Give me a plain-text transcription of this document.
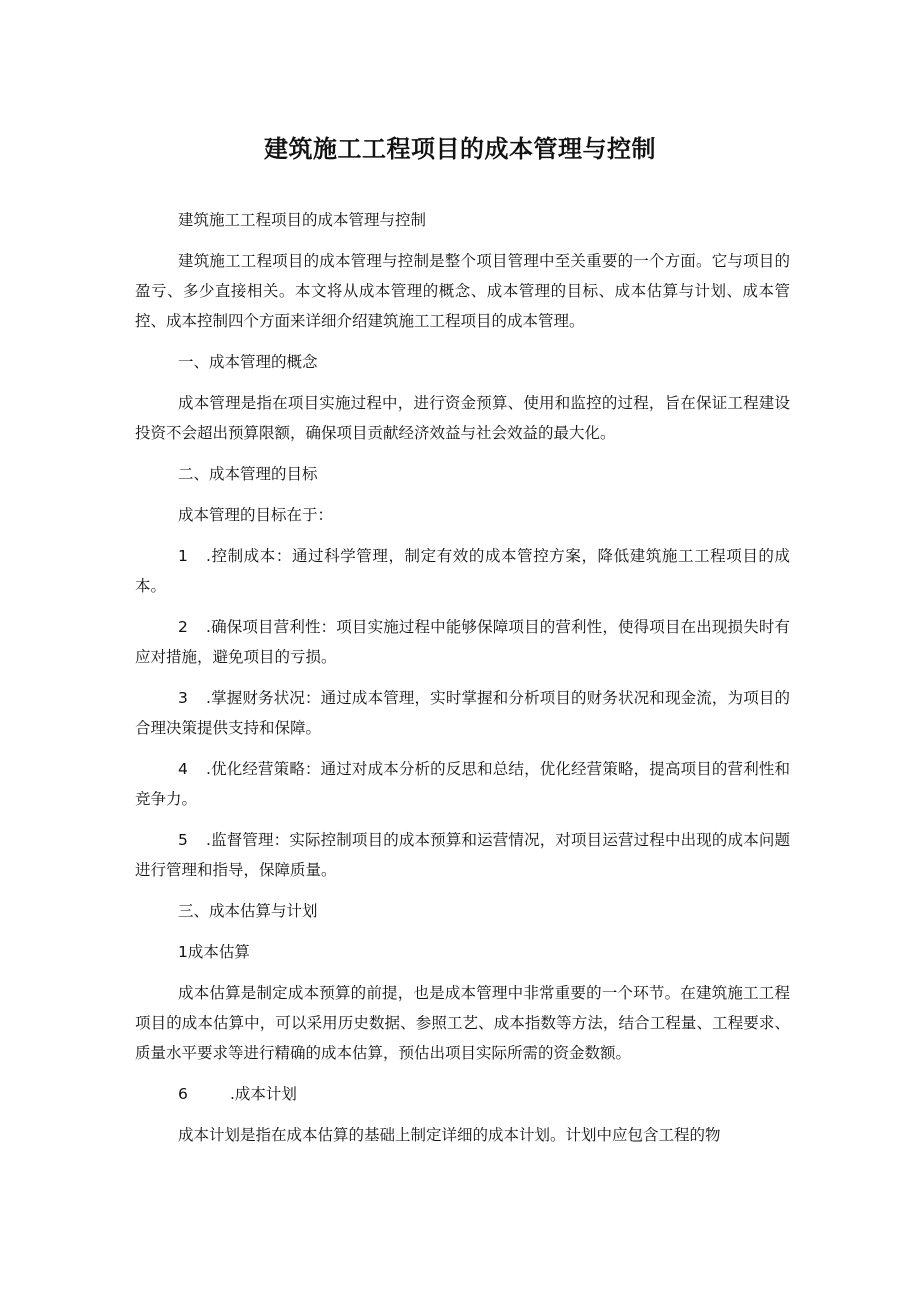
建筑施工工程项目的成本管理与控制

建筑施工工程项目的成本管理与控制

建筑施工工程项目的成本管理与控制是整个项目管理中至关重要的一个方面。它与项目的盈亏、多少直接相关。本文将从成本管理的概念、成本管理的目标、成本估算与计划、成本管控、成本控制四个方面来详细介绍建筑施工工程项目的成本管理。

一、成本管理的概念

成本管理是指在项目实施过程中，进行资金预算、使用和监控的过程，旨在保证工程建设投资不会超出预算限额，确保项目贡献经济效益与社会效益的最大化。

二、成本管理的目标

成本管理的目标在于：

1 .控制成本：通过科学管理，制定有效的成本管控方案，降低建筑施工工程项目的成本。

2 .确保项目营利性：项目实施过程中能够保障项目的营利性，使得项目在出现损失时有应对措施，避免项目的亏损。

3 .掌握财务状况：通过成本管理，实时掌握和分析项目的财务状况和现金流，为项目的合理决策提供支持和保障。

4 .优化经营策略：通过对成本分析的反思和总结，优化经营策略，提高项目的营利性和竞争力。

5 .监督管理：实际控制项目的成本预算和运营情况，对项目运营过程中出现的成本问题进行管理和指导，保障质量。

三、成本估算与计划

1成本估算

成本估算是制定成本预算的前提，也是成本管理中非常重要的一个环节。在建筑施工工程项目的成本估算中，可以采用历史数据、参照工艺、成本指数等方法，结合工程量、工程要求、质量水平要求等进行精确的成本估算，预估出项目实际所需的资金数额。

6	.成本计划

成本计划是指在成本估算的基础上制定详细的成本计划。计划中应包含工程的物
